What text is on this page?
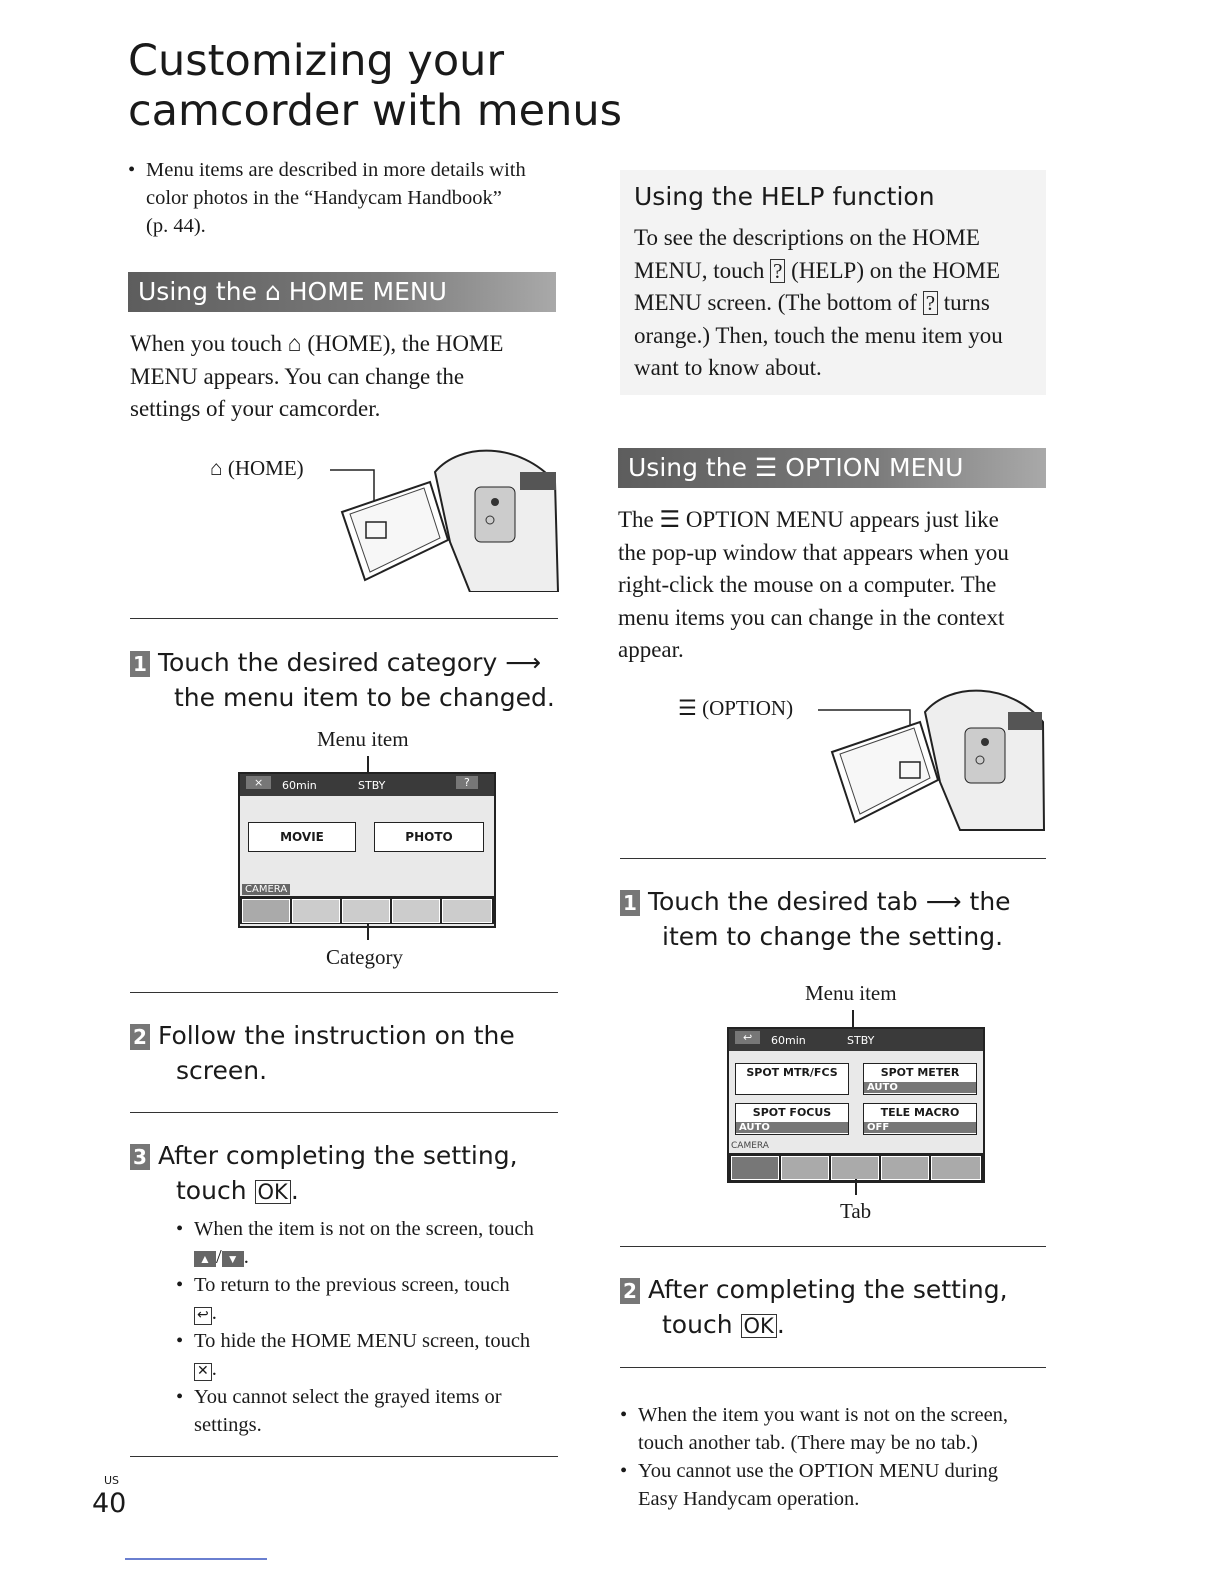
Customizing your
camcorder with menus
• Menu items are described in more details with
color photos in the “Handycam Handbook”
(p. 44).
Using the ⌂ HOME MENU
When you touch ⌂ (HOME), the HOME
MENU appears. You can change the
settings of your camcorder.
⌂ (HOME)
1 Touch the desired category ⟶
the menu item to be changed.
Menu item
×	60min	STBY	?
MOVIE	PHOTO
CAMERA
Category
2 Follow the instruction on the
screen.
3 After completing the setting,
touch OK .
• When the item is not on the screen, touch
▲ / ▼ .
• To return to the previous screen, touch
↩ .
• To hide the HOME MENU screen, touch
✕ .
• You cannot select the grayed items or
settings.
US
40
Using the HELP function
To see the descriptions on the HOME
MENU, touch ? (HELP) on the HOME
MENU screen. (The bottom of ? turns
orange.) Then, touch the menu item you
want to know about.
Using the ☰ OPTION MENU
The ☰ OPTION MENU appears just like
the pop-up window that appears when you
right-click the mouse on a computer. The
menu items you can change in the context
appear.
☰ (OPTION)
1 Touch the desired tab ⟶ the
item to change the setting.
Menu item
↩	60min	STBY
SPOT MTR/FCS	SPOT METER
AUTO
SPOT FOCUS
AUTO
TELE MACRO
OFF
CAMERA
Tab
2 After completing the setting,
touch OK .
• When the item you want is not on the screen,
touch another tab. (There may be no tab.)
• You cannot use the OPTION MENU during
Easy Handycam operation.
